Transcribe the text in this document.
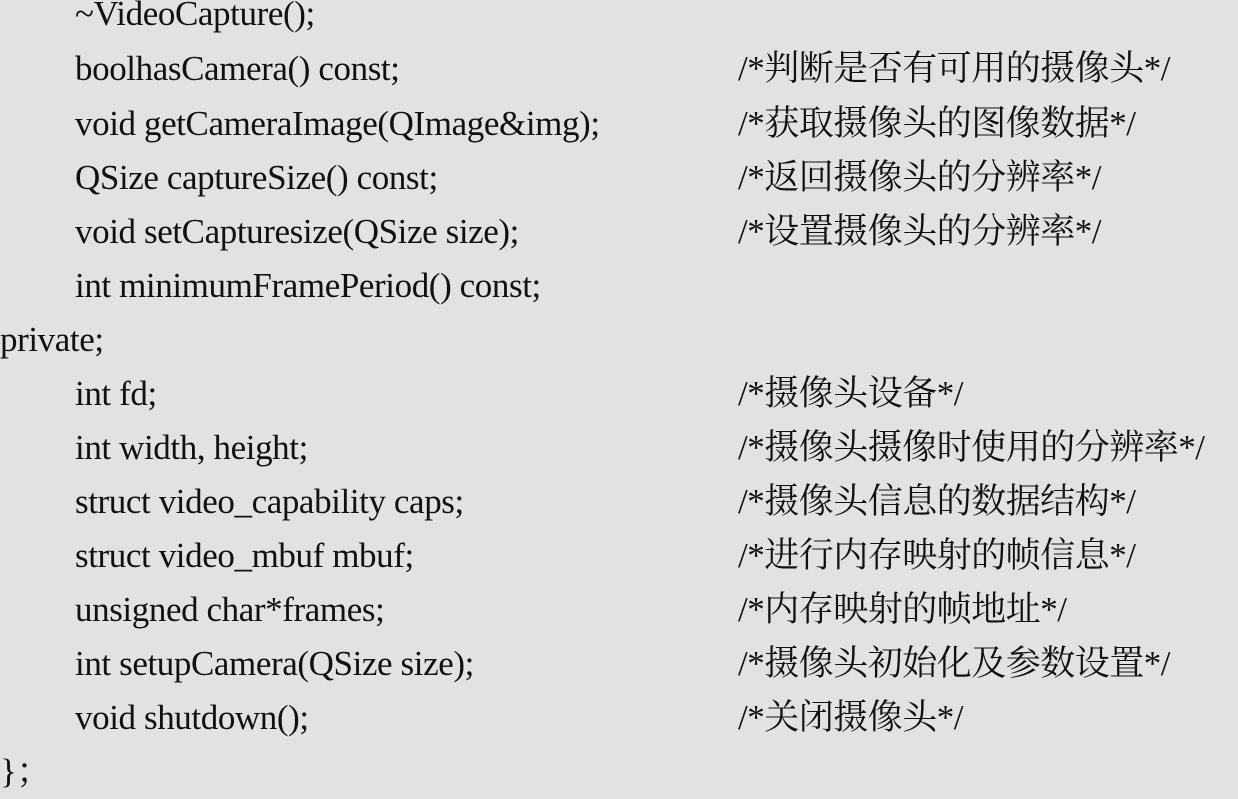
~VideoCapture();
boolhasCamera() const;	/*判断是否有可用的摄像头*/
void getCameraImage(QImage&img);	/*获取摄像头的图像数据*/
QSize captureSize() const;	/*返回摄像头的分辨率*/
void setCapturesize(QSize size);	/*设置摄像头的分辨率*/
int minimumFramePeriod() const;
private;
int fd;	/*摄像头设备*/
int width, height;	/*摄像头摄像时使用的分辨率*/
struct video_capability caps;	/*摄像头信息的数据结构*/
struct video_mbuf mbuf;	/*进行内存映射的帧信息*/
unsigned char*frames;	/*内存映射的帧地址*/
int setupCamera(QSize size);	/*摄像头初始化及参数设置*/
void shutdown();	/*关闭摄像头*/
}；
